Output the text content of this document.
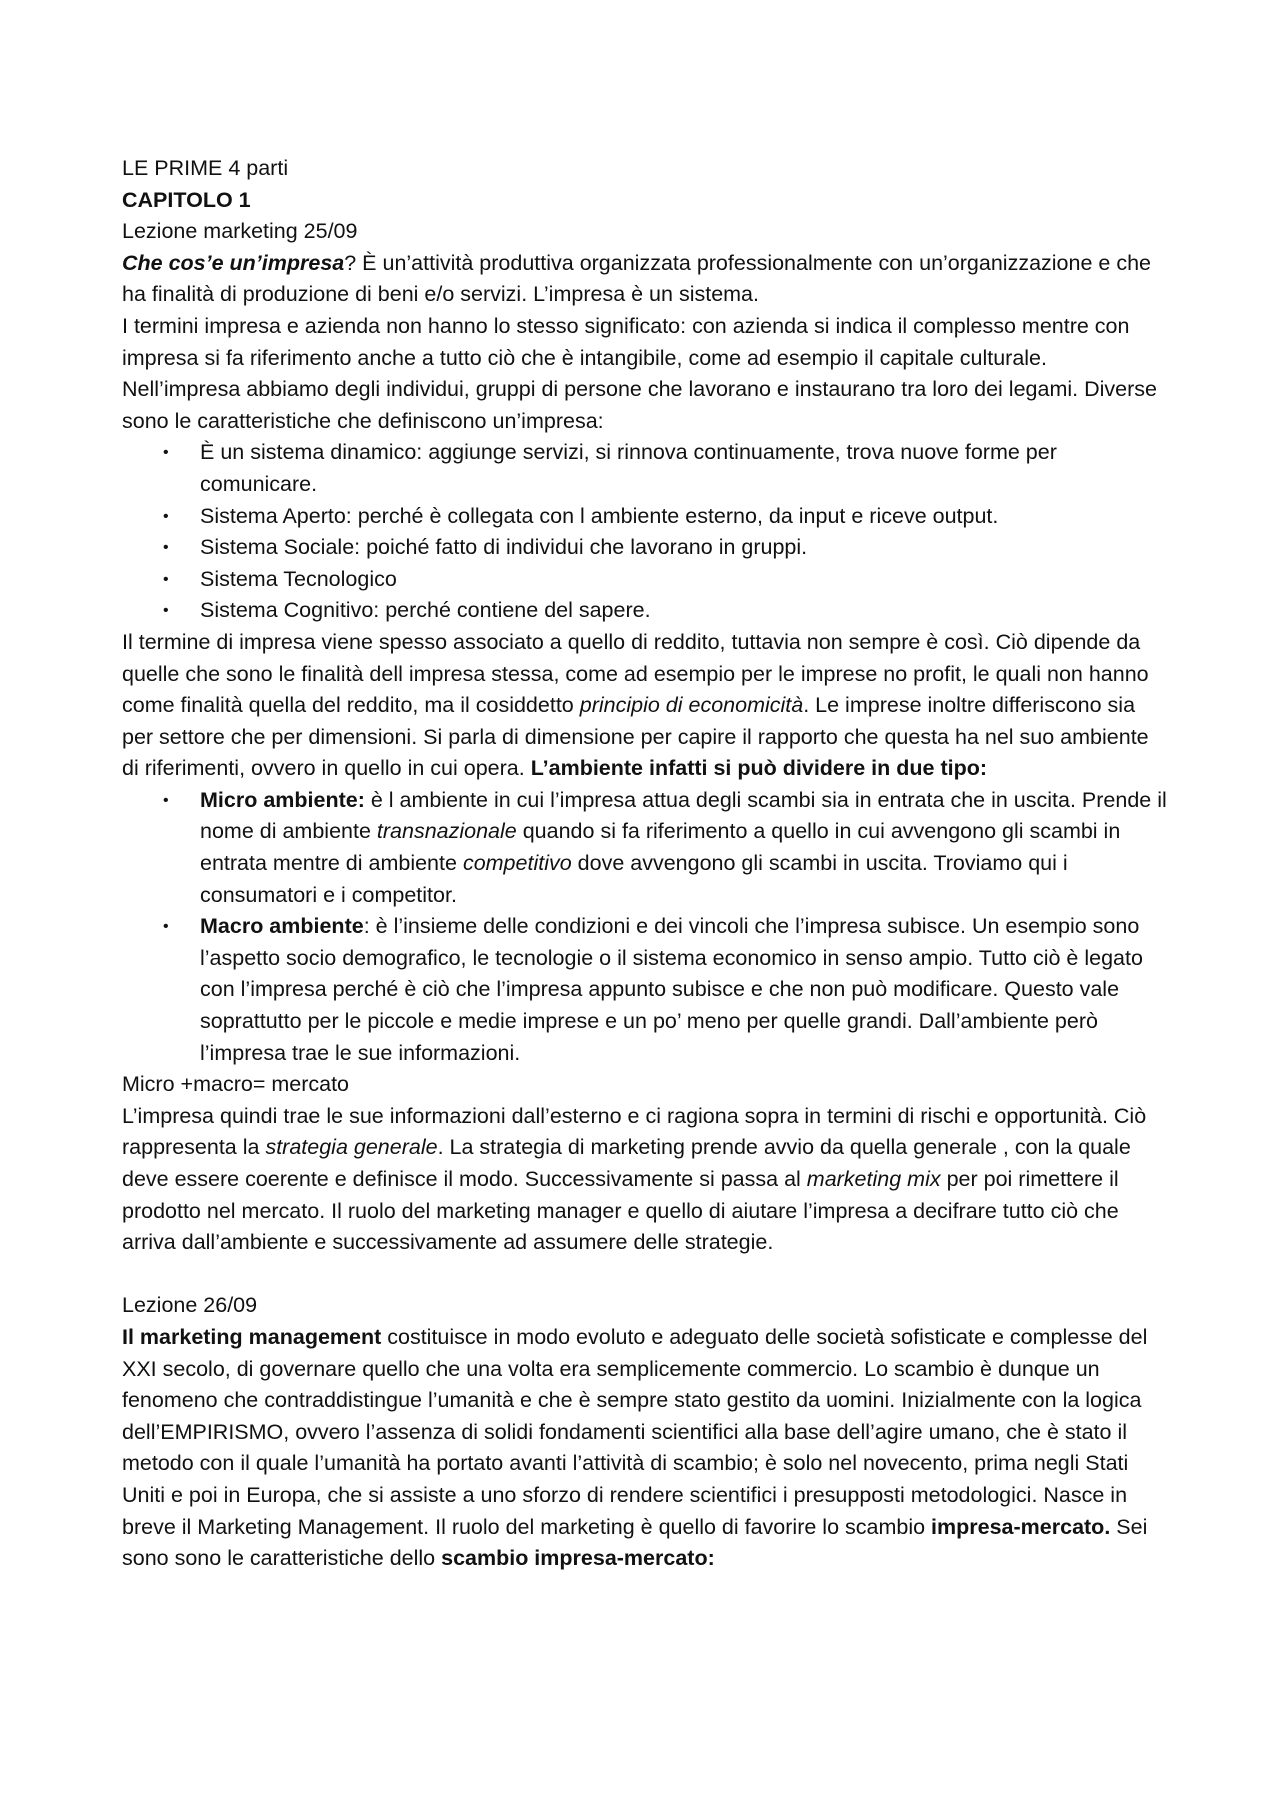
LE PRIME 4 parti

CAPITOLO 1

Lezione marketing 25/09

Che cos’e un’impresa? È un’attività produttiva organizzata professionalmente con un’organizzazione e che ha finalità di produzione di beni e/o servizi. L’impresa è un sistema.

I termini impresa e azienda non hanno lo stesso significato: con azienda si indica il complesso mentre con impresa si fa riferimento anche a tutto ciò che è intangibile, come ad esempio il capitale culturale. Nell’impresa abbiamo degli individui, gruppi di persone che lavorano e instaurano tra loro dei legami. Diverse sono le caratteristiche che definiscono un’impresa:

• È un sistema dinamico: aggiunge servizi, si rinnova continuamente, trova nuove forme per comunicare.
• Sistema Aperto: perché è collegata con l ambiente esterno, da input e riceve output.
• Sistema Sociale: poiché fatto di individui che lavorano in gruppi.
• Sistema Tecnologico
• Sistema Cognitivo: perché contiene del sapere.

Il termine di impresa viene spesso associato a quello di reddito, tuttavia non sempre è così. Ciò dipende da quelle che sono le finalità dell impresa stessa, come ad esempio per le imprese no profit, le quali non hanno come finalità quella del reddito, ma il cosiddetto principio di economicità. Le imprese inoltre differiscono sia per settore che per dimensioni. Si parla di dimensione per capire il rapporto che questa ha nel suo ambiente di riferimenti, ovvero in quello in cui opera. L’ambiente infatti si può dividere in due tipo:

• Micro ambiente: è l ambiente in cui l’impresa attua degli scambi sia in entrata che in uscita. Prende il nome di ambiente transnazionale quando si fa riferimento a quello in cui avvengono gli scambi in entrata mentre di ambiente competitivo dove avvengono gli scambi in uscita. Troviamo qui i consumatori e i competitor.
• Macro ambiente: è l’insieme delle condizioni e dei vincoli che l’impresa subisce. Un esempio sono l’aspetto socio demografico, le tecnologie o il sistema economico in senso ampio. Tutto ciò è legato con l’impresa perché è ciò che l’impresa appunto subisce e che non può modificare. Questo vale soprattutto per le piccole e medie imprese e un po’ meno per quelle grandi. Dall’ambiente però l’impresa trae le sue informazioni.

Micro +macro= mercato

L’impresa quindi trae le sue informazioni dall’esterno e ci ragiona sopra in termini di rischi e opportunità. Ciò rappresenta la strategia generale. La strategia di marketing prende avvio da quella generale , con la quale deve essere coerente e definisce il modo. Successivamente si passa al marketing mix per poi rimettere il prodotto nel mercato. Il ruolo del marketing manager e quello di aiutare l’impresa a decifrare tutto ciò che arriva dall’ambiente e successivamente ad assumere delle strategie.

Lezione 26/09

Il marketing management costituisce in modo evoluto e adeguato delle società sofisticate e complesse del XXI secolo, di governare quello che una volta era semplicemente commercio. Lo scambio è dunque un fenomeno che contraddistingue l’umanità e che è sempre stato gestito da uomini. Inizialmente con la logica dell’EMPIRISMO, ovvero l’assenza di solidi fondamenti scientifici alla base dell’agire umano, che è stato il metodo con il quale l’umanità ha portato avanti l’attività di scambio; è solo nel novecento, prima negli Stati Uniti e poi in Europa, che si assiste a uno sforzo di rendere scientifici i presupposti metodologici. Nasce in breve il Marketing Management. Il ruolo del marketing è quello di favorire lo scambio impresa-mercato. Sei sono sono le caratteristiche dello scambio impresa-mercato:
